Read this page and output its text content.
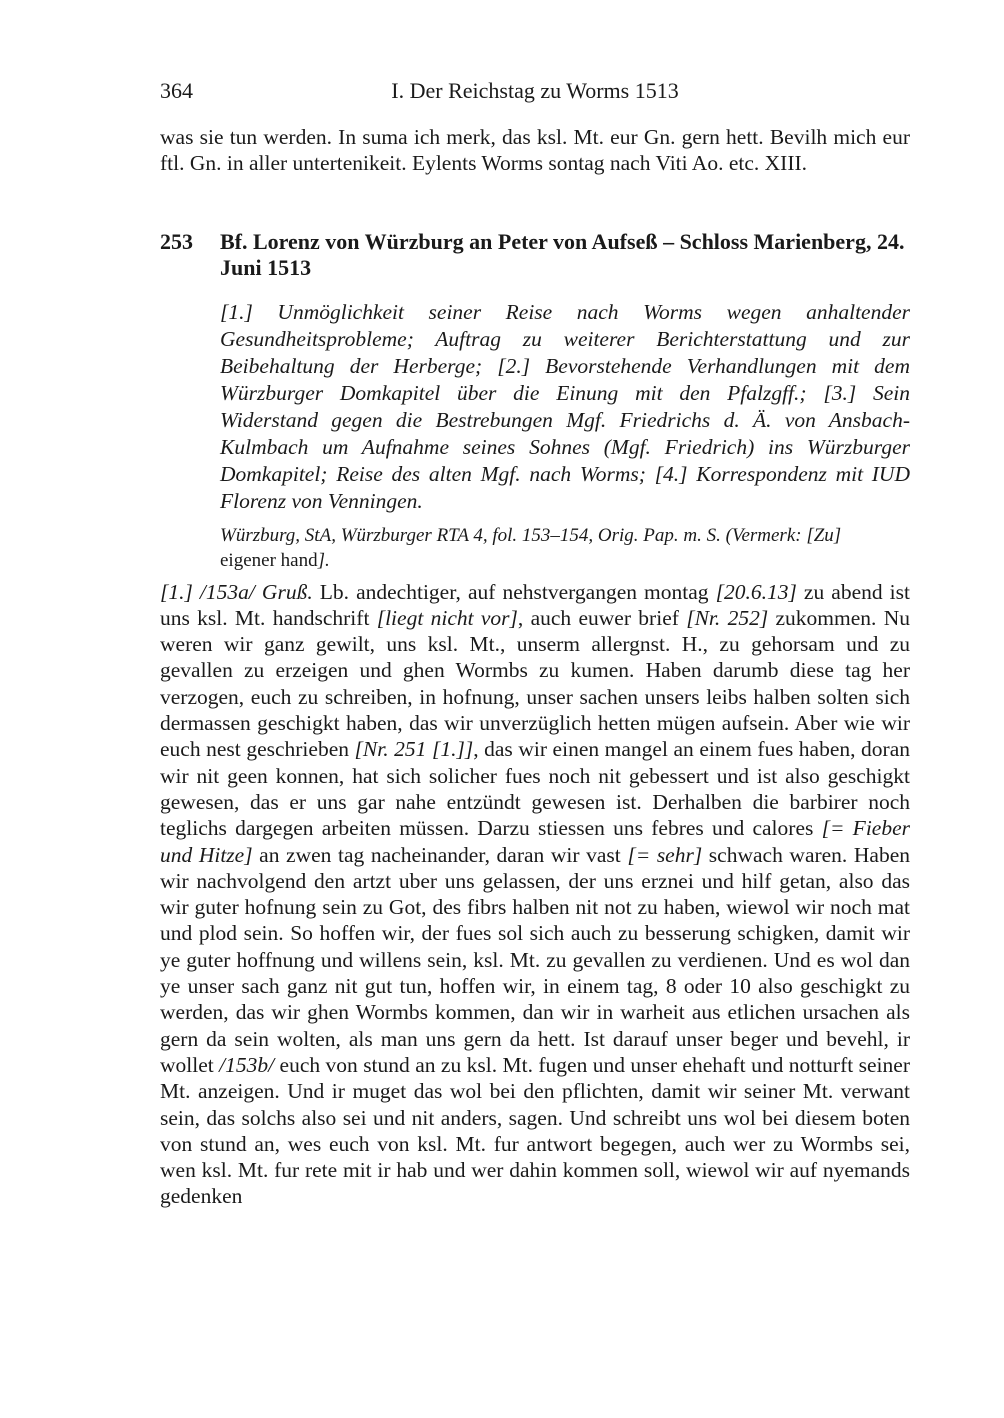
364	I. Der Reichstag zu Worms 1513

was sie tun werden. In suma ich merk, das ksl. Mt. eur Gn. gern hett. Bevilh mich eur ftl. Gn. in aller untertenikeit. Eylents Worms sontag nach Viti Ao. etc. XIII.

253	Bf. Lorenz von Würzburg an Peter von Aufseß – Schloss Marienberg, 24. Juni 1513

[1.] Unmöglichkeit seiner Reise nach Worms wegen anhaltender Gesundheitsprobleme; Auftrag zu weiterer Berichterstattung und zur Beibehaltung der Herberge; [2.] Bevorstehende Verhandlungen mit dem Würzburger Domkapitel über die Einung mit den Pfalzgff.; [3.] Sein Widerstand gegen die Bestrebungen Mgf. Friedrichs d. Ä. von Ansbach-Kulmbach um Aufnahme seines Sohnes (Mgf. Friedrich) ins Würzburger Domkapitel; Reise des alten Mgf. nach Worms; [4.] Korrespondenz mit IUD Florenz von Venningen.

Würzburg, StA, Würzburger RTA 4, fol. 153–154, Orig. Pap. m. S. (Vermerk: [Zu]
eigener hand].

[1.] /153a/ Gruß. Lb. andechtiger, auf nehstvergangen montag [20.6.13] zu abend ist uns ksl. Mt. handschrift [liegt nicht vor], auch euwer brief [Nr. 252] zukommen. Nu weren wir ganz gewilt, uns ksl. Mt., unserm allergnst. H., zu gehorsam und zu gevallen zu erzeigen und ghen Wormbs zu kumen. Haben darumb diese tag her verzogen, euch zu schreiben, in hofnung, unser sachen unsers leibs halben solten sich dermassen geschigkt haben, das wir unverzüglich hetten mügen aufsein. Aber wie wir euch nest geschrieben [Nr. 251 [1.]], das wir einen mangel an einem fues haben, doran wir nit geen konnen, hat sich solicher fues noch nit gebessert und ist also geschigkt gewesen, das er uns gar nahe entzündt gewesen ist. Derhalben die barbirer noch teglichs dargegen arbeiten müssen. Darzu stiessen uns febres und calores [= Fieber und Hitze] an zwen tag nacheinander, daran wir vast [= sehr] schwach waren. Haben wir nachvolgend den artzt uber uns gelassen, der uns erznei und hilf getan, also das wir guter hofnung sein zu Got, des fibrs halben nit not zu haben, wiewol wir noch mat und plod sein. So hoffen wir, der fues sol sich auch zu besserung schigken, damit wir ye guter hoffnung und willens sein, ksl. Mt. zu gevallen zu verdienen. Und es wol dan ye unser sach ganz nit gut tun, hoffen wir, in einem tag, 8 oder 10 also geschigkt zu werden, das wir ghen Wormbs kommen, dan wir in warheit aus etlichen ursachen als gern da sein wolten, als man uns gern da hett. Ist darauf unser beger und bevehl, ir wollet /153b/ euch von stund an zu ksl. Mt. fugen und unser ehehaft und notturft seiner Mt. anzeigen. Und ir muget das wol bei den pflichten, damit wir seiner Mt. verwant sein, das solchs also sei und nit anders, sagen. Und schreibt uns wol bei diesem boten von stund an, wes euch von ksl. Mt. fur antwort begegen, auch wer zu Wormbs sei, wen ksl. Mt. fur rete mit ir hab und wer dahin kommen soll, wiewol wir auf nyemands gedenken
